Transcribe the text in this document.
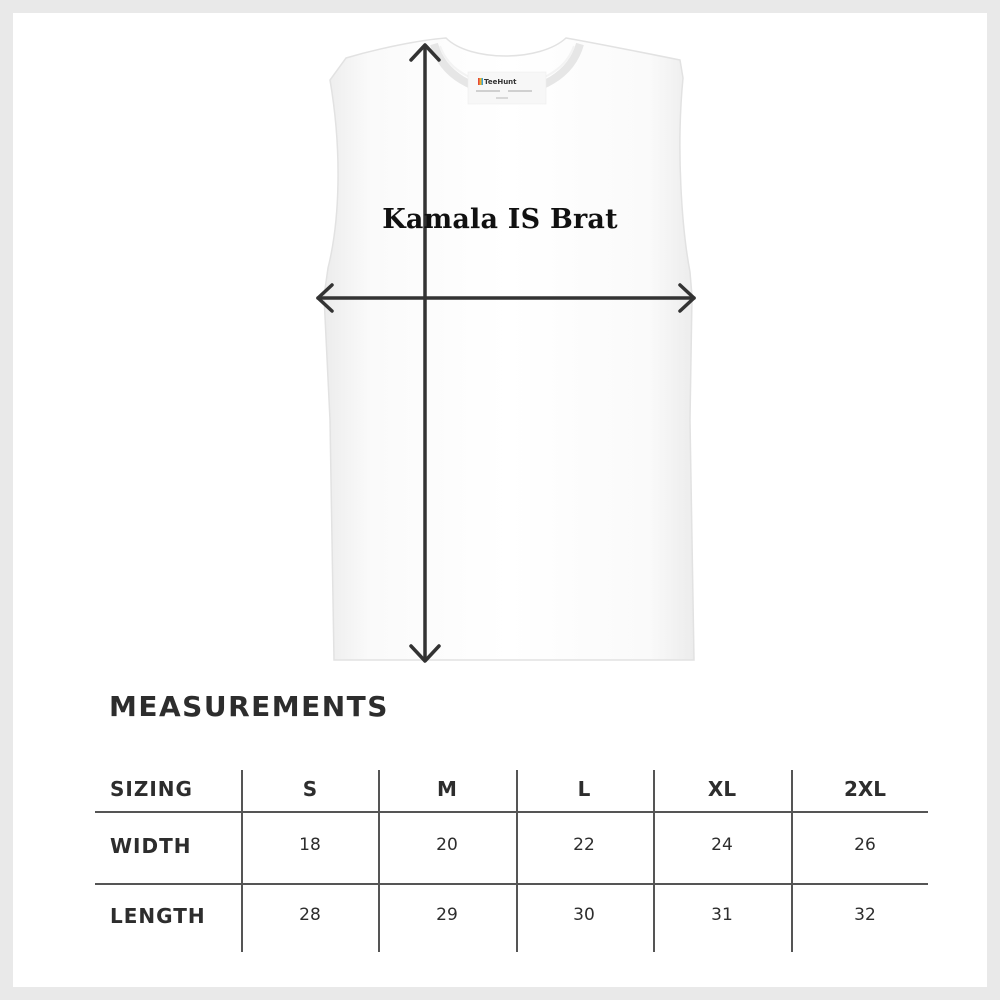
TeeHunt
Kamala IS Brat
MEASUREMENTS
SIZING	S	M	L	XL	2XL
WIDTH	18	20	22	24	26
LENGTH	28	29	30	31	32
